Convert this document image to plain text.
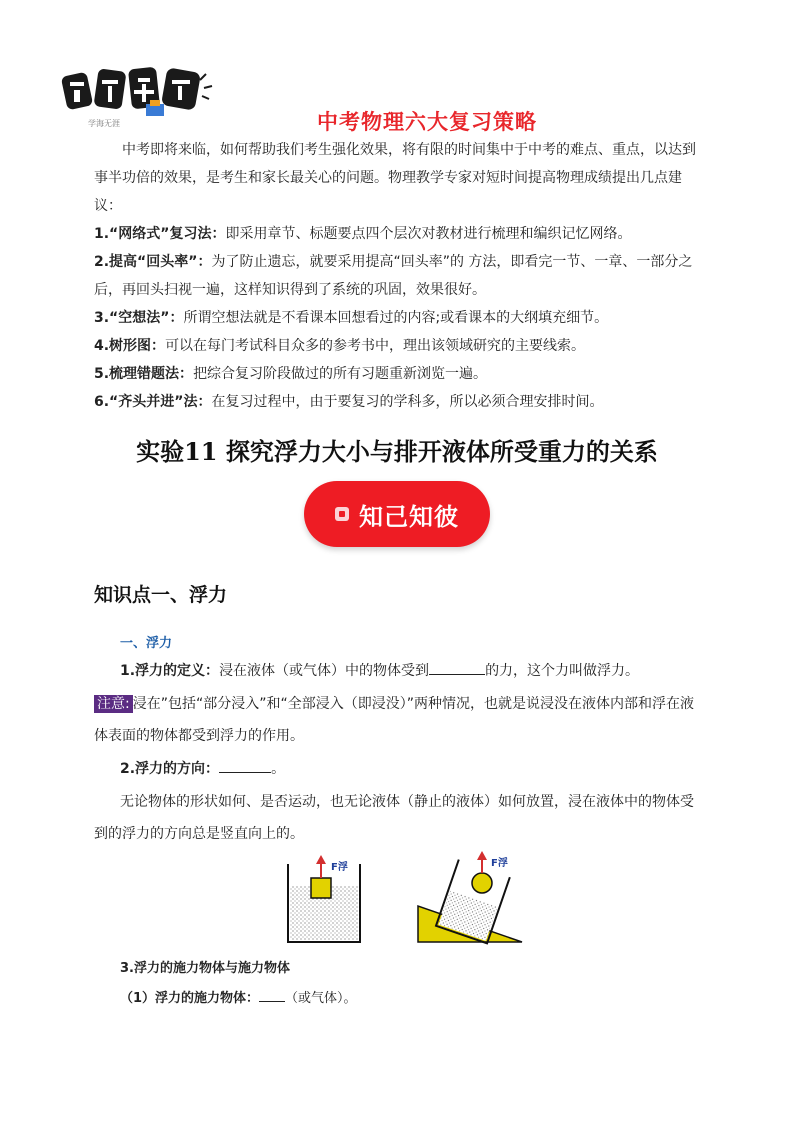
学海无涯	中考物理六大复习策略
中考即将来临，如何帮助我们考生强化效果，将有限的时间集中于中考的难点、重点，以达到事半功倍的效果，是考生和家长最关心的问题。物理教学专家对短时间提高物理成绩提出几点建议：
1.“网络式”复习法：即采用章节、标题要点四个层次对教材进行梳理和编织记忆网络。
2.提高“回头率”：为了防止遗忘，就要采用提高“回头率”的 方法，即看完一节、一章、一部分之后，再回头扫视一遍，这样知识得到了系统的巩固，效果很好。
3.“空想法”：所谓空想法就是不看课本回想看过的内容;或看课本的大纲填充细节。
4.树形图：可以在每门考试科目众多的参考书中，理出该领域研究的主要线索。
5.梳理错题法：把综合复习阶段做过的所有习题重新浏览一遍。
6.“齐头并进”法：在复习过程中，由于要复习的学科多，所以必须合理安排时间。
实验11 探究浮力大小与排开液体所受重力的关系
知己知彼
知识点一、浮力
一、浮力
1.浮力的定义：浸在液体（或气体）中的物体受到	的力，这个力叫做浮力。
注意: 浸在”包括“部分浸入”和“全部浸入（即浸没）”两种情况，也就是说浸没在液体内部和浮在液体表面的物体都受到浮力的作用。
2.浮力的方向：	。
无论物体的形状如何、是否运动，也无论液体（静止的液体）如何放置，浸在液体中的物体受到的浮力的方向总是竖直向上的。
F浮	F浮
3.浮力的施力物体与施力物体
（1）浮力的施力物体： （或气体）。
